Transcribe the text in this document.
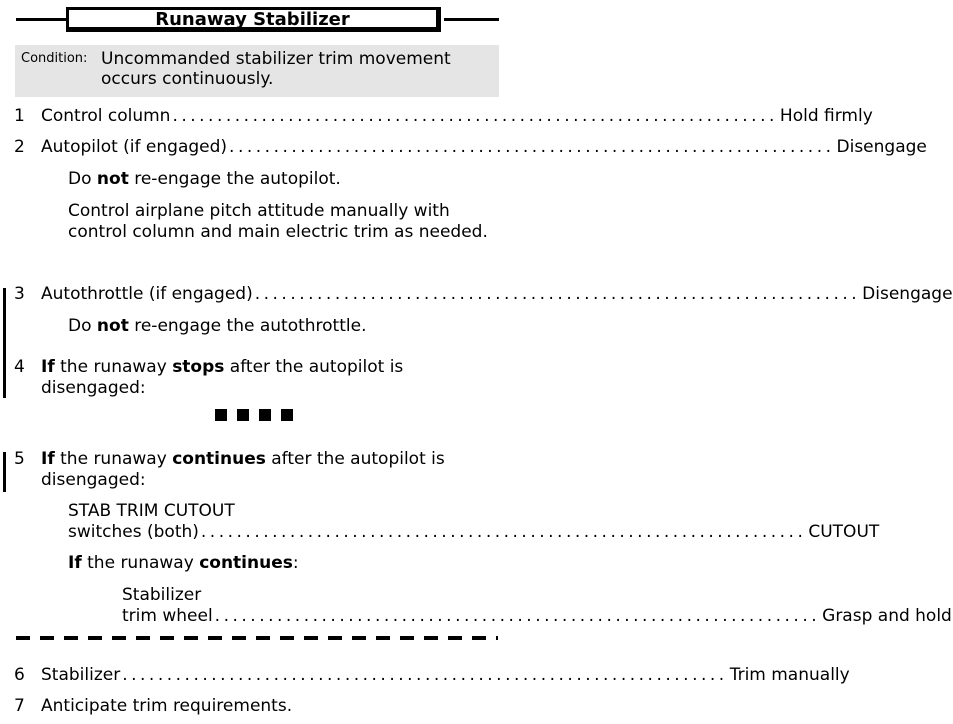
Runaway Stabilizer
Condition: Uncommanded stabilizer trim movement occurs continuously.
1 Control column .................................................................... Hold firmly
2 Autopilot (if engaged) .................................................................... Disengage
Do not re-engage the autopilot.
Control airplane pitch attitude manually with control column and main electric trim as needed.
3 Autothrottle (if engaged) .................................................................... Disengage
Do not re-engage the autothrottle.
4 If the runaway stops after the autopilot is
disengaged:
5 If the runaway continues after the autopilot is
disengaged:
STAB TRIM CUTOUT
switches (both) .................................................................... CUTOUT
If the runaway continues:
Stabilizer
trim wheel .................................................................... Grasp and hold
6 Stabilizer .................................................................... Trim manually
7 Anticipate trim requirements.
